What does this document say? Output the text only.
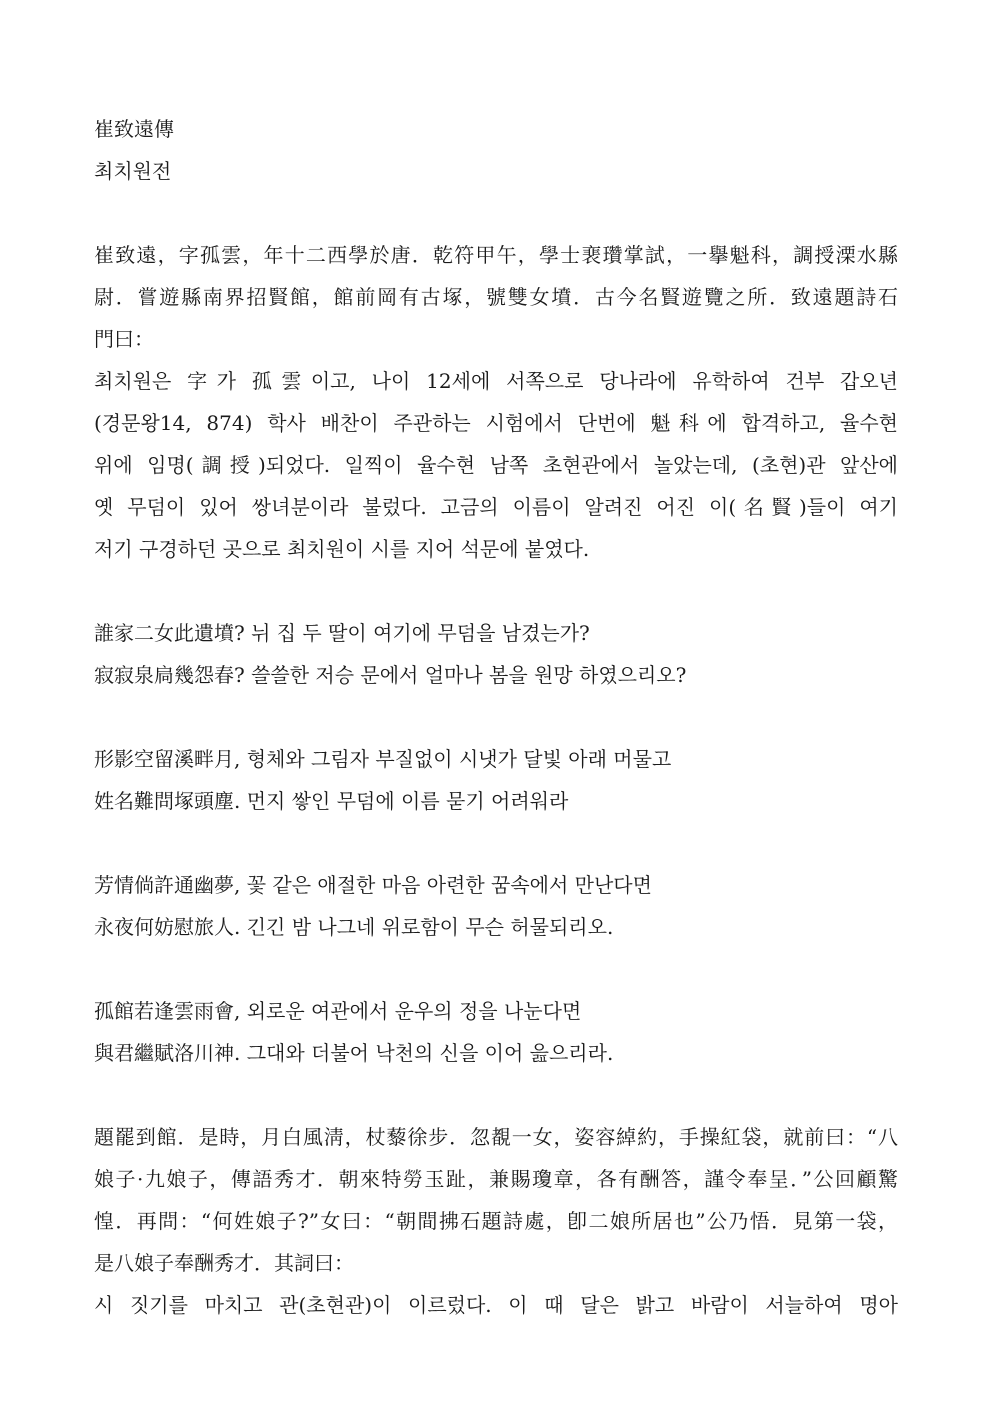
崔致遠傳
최치원전
崔致遠，字孤雲，年十二西學於唐．乾符甲午，學士裵瓚掌試，一擧魁科，調授溧水縣
尉．嘗遊縣南界招賢館，館前岡有古塚，號雙女墳．古今名賢遊覽之所．致遠題詩石
門曰：
최치원은 字가 孤雲이고, 나이 12세에 서쪽으로 당나라에 유학하여 건부 갑오년
(경문왕14, 874) 학사 배찬이 주관하는 시험에서 단번에 魁科에 합격하고, 율수현
위에 임명(調授)되었다. 일찍이 율수현 남쪽 초현관에서 놀았는데, (초현)관 앞산에
옛 무덤이 있어 쌍녀분이라 불렀다. 고금의 이름이 알려진 어진 이(名賢)들이 여기
저기 구경하던 곳으로 최치원이 시를 지어 석문에 붙였다.
誰家二女此遺墳? 뉘 집 두 딸이 여기에 무덤을 남겼는가?
寂寂泉扃幾怨春? 쓸쓸한 저승 문에서 얼마나 봄을 원망 하였으리오?
形影空留溪畔月, 형체와 그림자 부질없이 시냇가 달빛 아래 머물고
姓名難問塚頭塵. 먼지 쌓인 무덤에 이름 묻기 어려워라
芳情倘許通幽夢, 꽃 같은 애절한 마음 아련한 꿈속에서 만난다면
永夜何妨慰旅人. 긴긴 밤 나그네 위로함이 무슨 허물되리오.
孤館若逢雲雨會, 외로운 여관에서 운우의 정을 나눈다면
與君繼賦洛川神. 그대와 더불어 낙천의 신을 이어 읊으리라.
題罷到館．是時，月白風淸，杖藜徐步．忽覩一女，姿容綽約，手操紅袋，就前曰：“八
娘子·九娘子，傳語秀才．朝來特勞玉趾，兼賜瓊章，各有酬答，謹令奉呈．”公回顧驚
惶．再問：“何姓娘子?”女曰：“朝間拂石題詩處，卽二娘所居也”公乃悟．見第一袋，
是八娘子奉酬秀才．其詞曰：
시 짓기를 마치고 관(초현관)이 이르렀다. 이 때 달은 밝고 바람이 서늘하여 명아
